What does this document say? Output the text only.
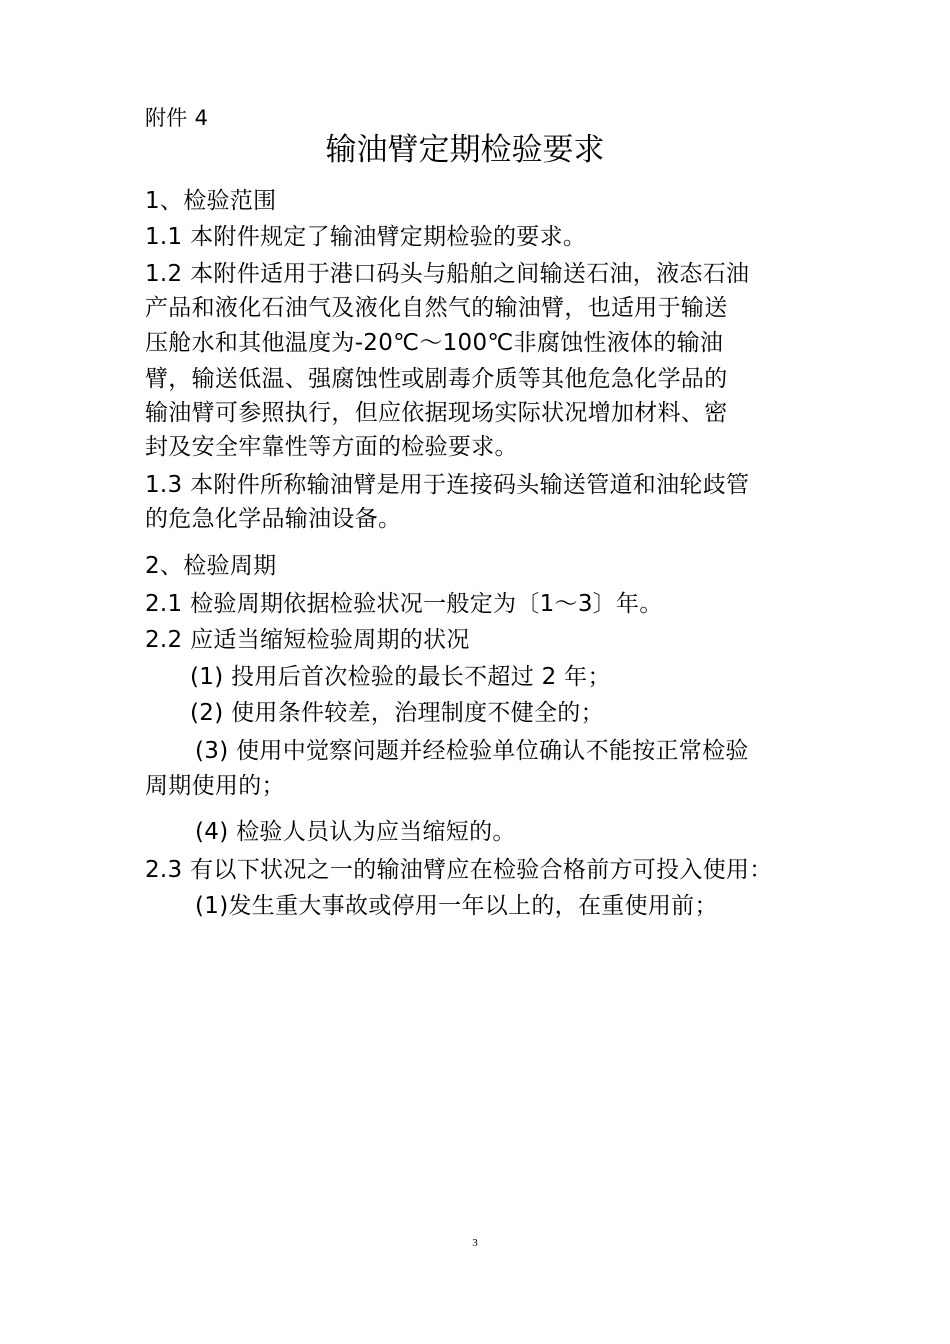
附件 4
输油臂定期检验要求
1、检验范围
1.1 本附件规定了输油臂定期检验的要求。
1.2 本附件适用于港口码头与船舶之间输送石油，液态石油
产品和液化石油气及液化自然气的输油臂，也适用于输送
压舱水和其他温度为-20℃～100℃非腐蚀性液体的输油
臂，输送低温、强腐蚀性或剧毒介质等其他危急化学品的
输油臂可参照执行，但应依据现场实际状况增加材料、密
封及安全牢靠性等方面的检验要求。
1.3 本附件所称输油臂是用于连接码头输送管道和油轮歧管
的危急化学品输油设备。
2、检验周期
2.1 检验周期依据检验状况一般定为〔1～3〕年。
2.2 应适当缩短检验周期的状况
(1) 投用后首次检验的最长不超过 2 年；
(2) 使用条件较差，治理制度不健全的；
(3) 使用中觉察问题并经检验单位确认不能按正常检验
周期使用的；
(4) 检验人员认为应当缩短的。
2.3 有以下状况之一的输油臂应在检验合格前方可投入使用：
(1)发生重大事故或停用一年以上的，在重使用前；
3
